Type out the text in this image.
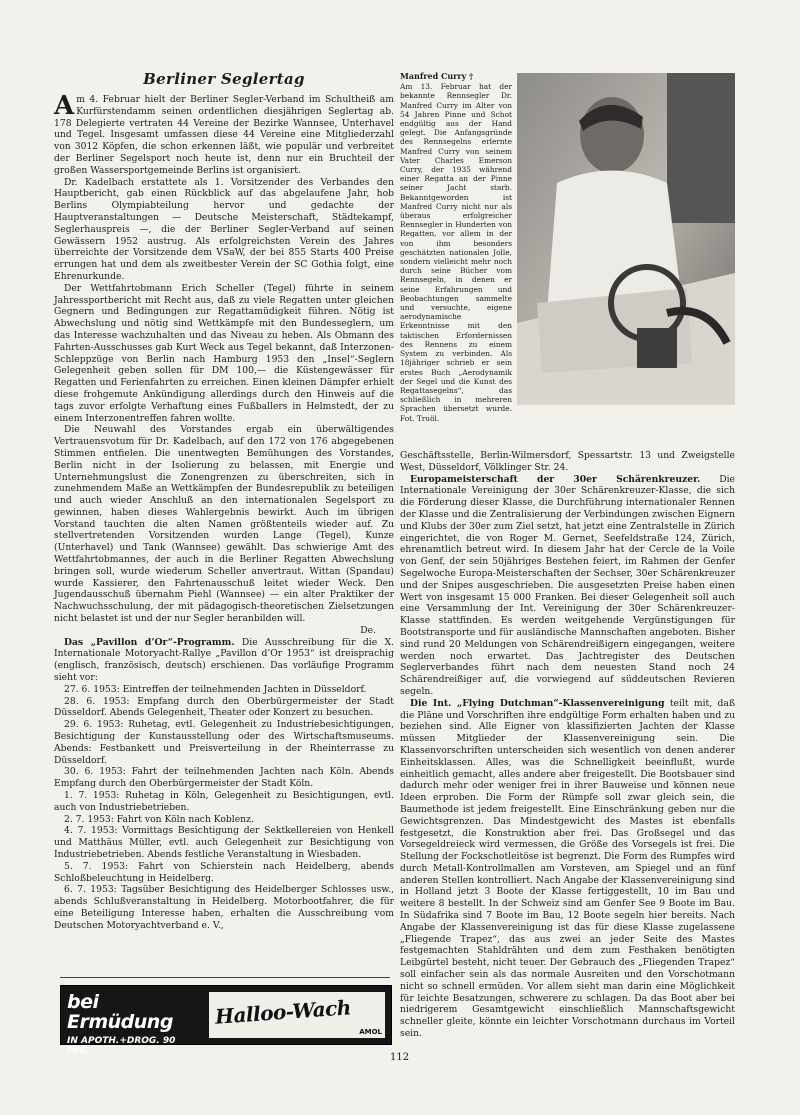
Berliner Seglertag

Am 4. Februar hielt der Berliner Segler-Verband im Schultheiß am Kurfürstendamm seinen ordentlichen diesjährigen Seglertag ab. 178 Delegierte vertraten 44 Vereine der Bezirke Wannsee, Unterhavel und Tegel. Insgesamt umfassen diese 44 Vereine eine Mitgliederzahl von 3012 Köpfen, die schon erkennen läßt, wie populär und verbreitet der Berliner Segelsport noch heute ist, denn nur ein Bruchteil der großen Wassersportgemeinde Berlins ist organisiert.

Dr. Kadelbach erstattete als 1. Vorsitzender des Verbandes den Hauptbericht, gab einen Rückblick auf das abgelaufene Jahr, hob Berlins Olympiabteilung hervor und gedachte der Hauptveranstaltungen — Deutsche Meisterschaft, Städtekampf, Seglerhauspreis —, die der Berliner Segler-Verband auf seinen Gewässern 1952 austrug. Als erfolgreichsten Verein des Jahres überreichte der Vorsitzende dem VSaW, der bei 855 Starts 400 Preise errungen hat und dem als zweitbester Verein der SC Gothia folgt, eine Ehrenurkunde.

Der Wettfahrtobmann Erich Scheller (Tegel) führte in seinem Jahressportbericht mit Recht aus, daß zu viele Regatten unter gleichen Gegnern und Bedingungen zur Regattamüdigkeit führen. Nötig ist Abwechslung und nötig sind Wettkämpfe mit den Bundesseglern, um das Interesse wachzuhalten und das Niveau zu heben. Als Obmann des Fahrten-Ausschusses gab Kurt Weck aus Tegel bekannt, daß Interzonen-Schleppzüge von Berlin nach Hamburg 1953 den „Insel“-Seglern Gelegenheit geben sollen für DM 100,— die Küstengewässer für Regatten und Ferienfahrten zu erreichen. Einen kleinen Dämpfer erhielt diese frohgemute Ankündigung allerdings durch den Hinweis auf die tags zuvor erfolgte Verhaftung eines Fußballers in Helmstedt, der zu einem Interzonentreffen fahren wollte.

Die Neuwahl des Vorstandes ergab ein überwältigendes Vertrauensvotum für Dr. Kadelbach, auf den 172 von 176 abgegebenen Stimmen entfielen. Die unentwegten Bemühungen des Vorstandes, Berlin nicht in der Isolierung zu belassen, mit Energie und Unternehmungslust die Zonengrenzen zu überschreiten, sich in zunehmendem Maße an Wettkämpfen der Bundesrepublik zu beteiligen und auch wieder Anschluß an den internationalen Segelsport zu gewinnen, haben dieses Wahlergebnis bewirkt. Auch im übrigen Vorstand tauchten die alten Namen größtenteils wieder auf. Zu stellvertretenden Vorsitzenden wurden Lange (Tegel), Kunze (Unterhavel) und Tank (Wannsee) gewählt. Das schwierige Amt des Wettfahrtobmannes, der auch in die Berliner Regatten Abwechslung bringen soll, wurde wiederum Scheller anvertraut. Wittan (Spandau) wurde Kassierer, den Fahrtenausschuß leitet wieder Weck. Den Jugendausschuß übernahm Piehl (Wannsee) — ein alter Praktiker der Nachwuchsschulung, der mit pädagogisch-theoretischen Zielsetzungen nicht belastet ist und der nur Segler heranbilden will.

De.

Das „Pavillon d’Or“-Programm. Die Ausschreibung für die X. Internationale Motoryacht-Rallye „Pavillon d’Or 1953“ ist dreisprachig (englisch, französisch, deutsch) erschienen. Das vorläufige Programm sieht vor:

27. 6. 1953: Eintreffen der teilnehmenden Jachten in Düsseldorf.

28. 6. 1953: Empfang durch den Oberbürgermeister der Stadt Düsseldorf. Abends Gelegenheit, Theater oder Konzert zu besuchen.

29. 6. 1953: Ruhetag, evtl. Gelegenheit zu Industriebesichtigungen, Besichtigung der Kunstausstellung oder des Wirtschaftsmuseums. Abends: Festbankett und Preisverteilung in der Rheinterrasse zu Düsseldorf.

30. 6. 1953: Fahrt der teilnehmenden Jachten nach Köln. Abends Empfang durch den Oberbürgermeister der Stadt Köln.

1. 7. 1953: Ruhetag in Köln, Gelegenheit zu Besichtigungen, evtl. auch von Industriebetrieben.

2. 7. 1953: Fahrt von Köln nach Koblenz.

4. 7. 1953: Vormittags Besichtigung der Sektkellereien von Henkell und Matthäus Müller, evtl. auch Gelegenheit zur Besichtigung von Industriebetrieben. Abends festliche Veranstaltung in Wiesbaden.

5. 7. 1953: Fahrt von Schierstein nach Heidelberg, abends Schloßbeleuchtung in Heidelberg.

6. 7. 1953: Tagsüber Besichtigung des Heidelberger Schlosses usw., abends Schlußveranstaltung in Heidelberg. Motorbootfahrer, die für eine Beteiligung Interesse haben, erhalten die Ausschreibung vom Deutschen Motoryachtverband e. V.,

Manfred Curry †
Am 13. Februar hat der bekannte Rennsegler Dr. Manfred Curry im Alter von 54 Jahren Pinne und Schot endgültig aus der Hand gelegt. Die Anfangsgründe des Rennsegelns erlernte Manfred Curry von seinem Vater Charles Emerson Curry, der 1935 während einer Regatta an der Pinne seiner Jacht starb. Bekanntgeworden ist Manfred Curry nicht nur als überaus erfolgreicher Rennsegler in Hunderten von Regatten, vor allem in der von ihm besonders geschätzten nationalen Jolle, sondern vielleicht mehr noch durch seine Bücher vom Rennsegeln, in denen er seine Erfahrungen und Beobachtungen sammelte und versuchte, eigene aerodynamische Erkenntnisse mit den taktischen Erfordernissen des Rennens zu einem System zu verbinden. Als 18jähriger schrieb er sein erstes Buch „Aerodynamik der Segel und die Kunst des Regattasegelns“, das schließlich in mehreren Sprachen übersetzt wurde. Fot. Truöl.

Geschäftsstelle, Berlin-Wilmersdorf, Spessartstr. 13 und Zweigstelle West, Düsseldorf, Völklinger Str. 24.

Europameisterschaft der 30er Schärenkreuzer. Die Internationale Vereinigung der 30er Schärenkreuzer-Klasse, die sich die Förderung dieser Klasse, die Durchführung internationaler Rennen der Klasse und die Zentralisierung der Verbindungen zwischen Eignern und Klubs der 30er zum Ziel setzt, hat jetzt eine Zentralstelle in Zürich eingerichtet, die von Roger M. Gernet, Seefeldstraße 124, Zürich, ehrenamtlich betreut wird. In diesem Jahr hat der Cercle de la Voile von Genf, der sein 50jähriges Bestehen feiert, im Rahmen der Genfer Segelwoche Europa-Meisterschaften der Sechser, 30er Schärenkreuzer und der Snipes ausgeschrieben. Die ausgesetzten Preise haben einen Wert von insgesamt 15 000 Franken. Bei dieser Gelegenheit soll auch eine Versammlung der Int. Vereinigung der 30er Schärenkreuzer-Klasse stattfinden. Es werden weitgehende Vergünstigungen für Bootstransporte und für ausländische Mannschaften angeboten. Bisher sind rund 20 Meldungen von Schärendreißigern eingegangen, weitere werden noch erwartet. Das Jachtregister des Deutschen Seglerverbandes führt nach dem neuesten Stand noch 24 Schärendreißiger auf, die vorwiegend auf süddeutschen Revieren segeln.

Die Int. „Flying Dutchman“-Klassenvereinigung teilt mit, daß die Pläne und Vorschriften ihre endgültige Form erhalten haben und zu beziehen sind. Alle Eigner von klassifizierten Jachten der Klasse müssen Mitglieder der Klassenvereinigung sein. Die Klassenvorschriften unterscheiden sich wesentlich von denen anderer Einheitsklassen. Alles, was die Schnelligkeit beeinflußt, wurde einheitlich gemacht, alles andere aber freigestellt. Die Bootsbauer sind dadurch mehr oder weniger frei in ihrer Bauweise und können neue Ideen erproben. Die Form der Rümpfe soll zwar gleich sein, die Baumethode ist jedem freigestellt. Eine Einschränkung geben nur die Gewichtsgrenzen. Das Mindestgewicht des Mastes ist ebenfalls festgesetzt, die Konstruktion aber frei. Das Großsegel und das Vorsegeldreieck wird vermessen, die Größe des Vorsegels ist frei. Die Stellung der Fockschotleitöse ist begrenzt. Die Form des Rumpfes wird durch Metall-Kontrollmallen am Vorsteven, am Spiegel und an fünf anderen Stellen kontrolliert. Nach Angabe der Klassenvereinigung sind in Holland jetzt 3 Boote der Klasse fertiggestellt, 10 im Bau und weitere 8 bestellt. In der Schweiz sind am Genfer See 9 Boote im Bau. In Südafrika sind 7 Boote im Bau, 12 Boote segeln hier bereits. Nach Angabe der Klassenvereinigung ist das für diese Klasse zugelassene „Fliegende Trapez“, das aus zwei an jeder Seite des Mastes festgemachten Stahldrähten und dem zum Festhaken benötigten Leibgürtel besteht, nicht teuer. Der Gebrauch des „Fliegenden Trapez“ soll einfacher sein als das normale Ausreiten und den Vorschotmann nicht so schnell ermüden. Vor allem sieht man darin eine Möglichkeit für leichte Besatzungen, schwerere zu schlagen. Da das Boot aber bei niedrigerem Gesamtgewicht einschließlich Mannschaftsgewicht schneller gleite, könnte ein leichter Vorschotmann durchaus im Vorteil sein.

bei Ermüdung
IN APOTH.+DROG. 90 PFG.
Halloo-Wach
AMOL
112
